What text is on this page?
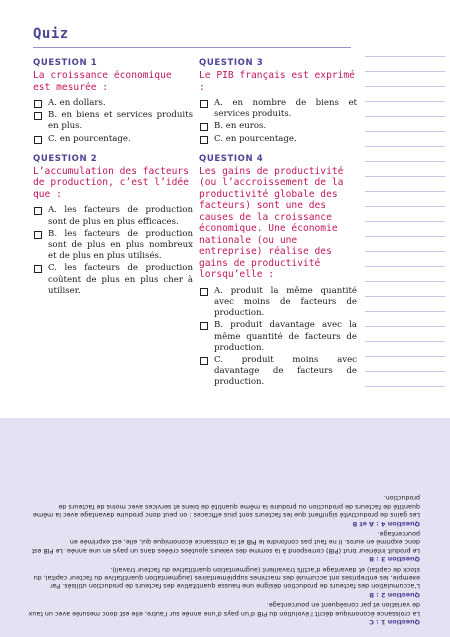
Quiz
QUESTION 1
La croissance économique est mesurée :
A. en dollars.
B. en biens et services produits en plus.
C. en pourcentage.
QUESTION 2
L’accumulation des facteurs de production, c’est l’idée que :
A. les facteurs de production sont de plus en plus efficaces.
B. les facteurs de production sont de plus en plus nombreux et de plus en plus utilisés.
C. les facteurs de production coûtent de plus en plus cher à utiliser.
QUESTION 3
Le PIB français est exprimé :
A. en nombre de biens et services produits.
B. en euros.
C. en pourcentage.
QUESTION 4
Les gains de productivité (ou l’accroissement de la productivité globale des facteurs) sont une des causes de la croissance économique. Une économie nationale (ou une entreprise) réalise des gains de productivité lorsqu’elle :
A. produit la même quantité avec moins de facteurs de production.
B. produit davantage avec la même quantité de facteurs de production.
C. produit moins avec davantage de facteurs de production.
Question 1 : C

La croissance économique décrit l’évolution du PIB d’un pays d’une année sur l’autre, elle est donc mesurée avec un taux de variation et par conséquent en pourcentage.

Question 2 : B

L’accumulation des facteurs de production désigne une hausse quantitative des facteurs de production utilisés. Par exemple, les entreprises ont accumulé des machines supplémentaires (augmentation quantitative du facteur capital, du stock de capital) et davantage d’actifs travaillent (augmentation quantitative du facteur travail).

Question 3 : B

Le produit intérieur brut (PIB) correspond à la somme des valeurs ajoutées créées dans un pays en une année. Le PIB est donc exprimé en euros. Il ne faut pas confondre le PIB et la croissance économique qui, elle, est exprimée en pourcentage.

Question 4 : A et B

Les gains de productivité signifient que les facteurs sont plus efficaces : on peut donc produire davantage avec la même quantité de facteurs de production ou produire la même quantité de biens et services avec moins de facteurs de production.
